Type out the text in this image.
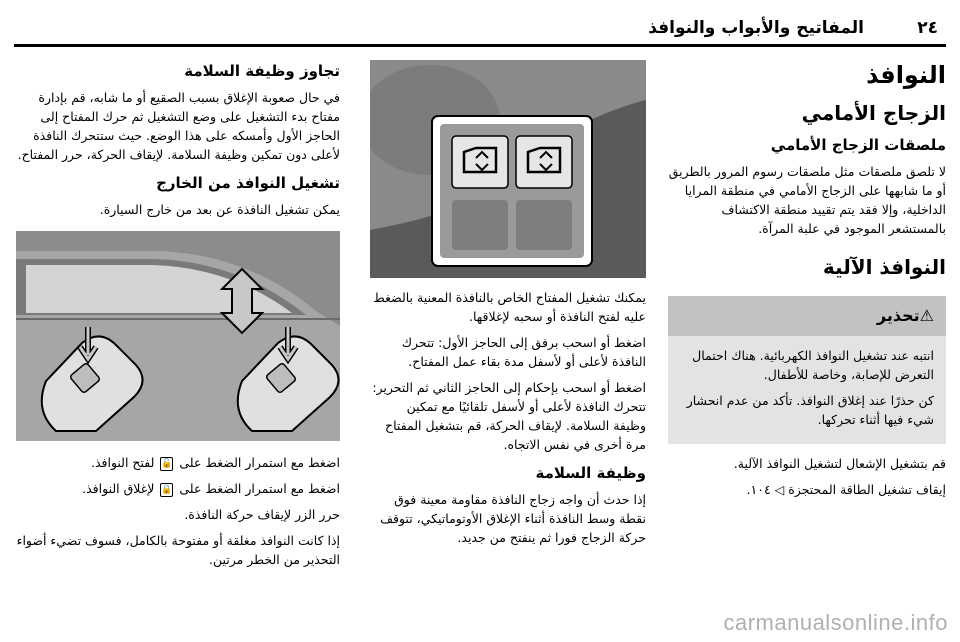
٢٤
المفاتيح والأبواب والنوافذ
النوافذ
الزجاج الأمامي
ملصقات الزجاج الأمامي

لا تلصق ملصقات مثل ملصقات رسوم المرور بالطريق أو ما شابهها على الزجاج الأمامي في منطقة المرايا الداخلية، وإلا فقد يتم تقييد منطقة الاكتشاف بالمستشعر الموجود في علبة المرآة.

النوافذ الآلية
⚠تحذير

انتبه عند تشغيل النوافذ الكهربائية. هناك احتمال التعرض للإصابة، وخاصة للأطفال.

كن حذرًا عند إغلاق النوافذ. تأكد من عدم انحشار شيء فيها أثناء تحركها.

قم بتشغيل الإشعال لتشغيل النوافذ الآلية.

إيقاف تشغيل الطاقة المحتجزة ◁ ١٠٤.

يمكنك تشغيل المفتاح الخاص بالنافذة المعنية بالضغط عليه لفتح النافذة أو سحبه لإغلاقها.

اضغط أو اسحب برفق إلى الحاجز الأول: تتحرك النافذة لأعلى أو لأسفل مدة بقاء عمل المفتاح.

اضغط أو اسحب بإحكام إلى الحاجز الثاني ثم التحرير: تتحرك النافذة لأعلى أو لأسفل تلقائيًا مع تمكين وظيفة السلامة. لإيقاف الحركة، قم بتشغيل المفتاح مرة أخرى في نفس الاتجاه.

وظيفة السلامة

إذا حدث أن واجه زجاج النافذة مقاومة معينة فوق نقطة وسط النافذة أثناء الإغلاق الأوتوماتيكي، تتوقف حركة الزجاج فورا ثم ينفتح من جديد.

تجاوز وظيفة السلامة

في حال صعوبة الإغلاق بسبب الصقيع أو ما شابه، قم بإدارة مفتاح بدء التشغيل على وضع التشغيل ثم حرك المفتاح إلى الحاجز الأول وأمسكه على هذا الوضع. حيث ستتحرك النافذة لأعلى دون تمكين وظيفة السلامة. لإيقاف الحركة، حرر المفتاح.

تشغيل النوافذ من الخارج

يمكن تشغيل النافذة عن بعد من خارج السيارة.

اضغط مع استمرار الضغط على 🔓 لفتح النوافذ.

اضغط مع استمرار الضغط على 🔒 لإغلاق النوافذ.

حرر الزر لإيقاف حركة النافذة.

إذا كانت النوافذ مغلقة أو مفتوحة بالكامل، فسوف تضيء أضواء التحذير من الخطر مرتين.

carmanualsonline.info
